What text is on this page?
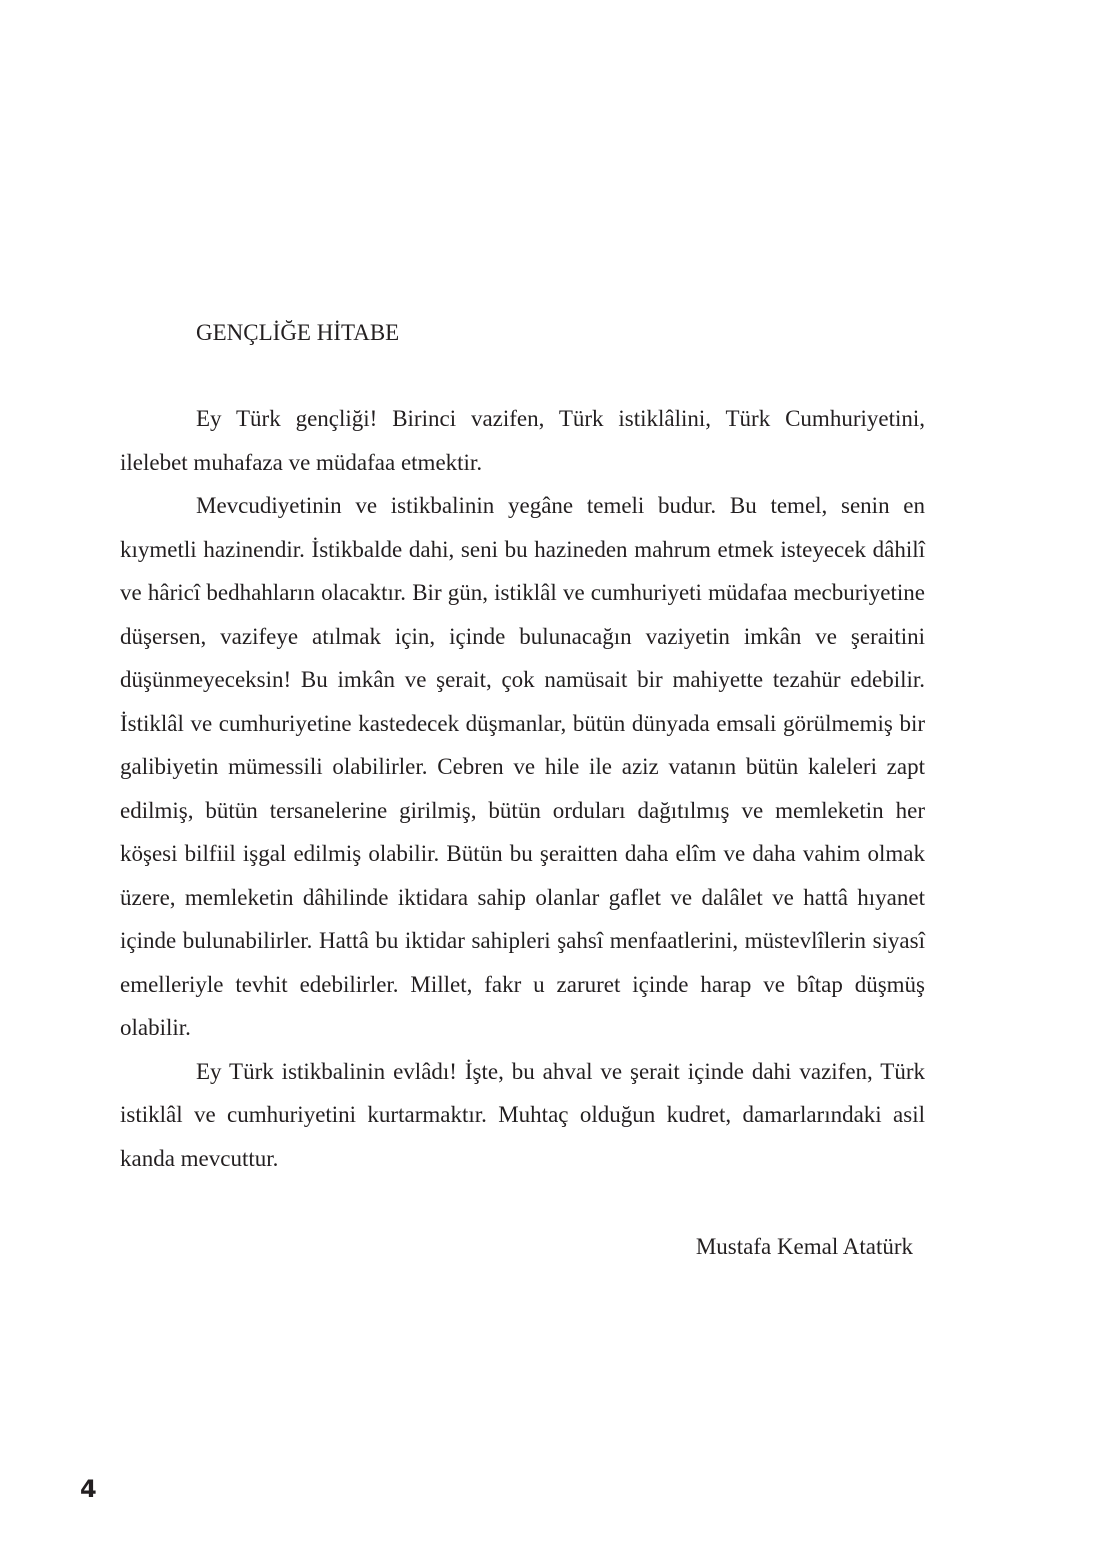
GENÇLİĞE HİTABE

Ey Türk gençliği! Birinci vazifen, Türk istiklâlini, Türk Cumhuriyetini, ilelebet muhafaza ve müdafaa etmektir.

Mevcudiyetinin ve istikbalinin yegâne temeli budur. Bu temel, senin en kıymetli hazinendir. İstikbalde dahi, seni bu hazineden mahrum etmek isteyecek dâhilî ve hâricî bedhahların olacaktır. Bir gün, istiklâl ve cumhuriyeti müdafaa mecburiyetine düşersen, vazifeye atılmak için, içinde bulunacağın vaziyetin imkân ve şeraitini düşünmeyeceksin! Bu imkân ve şerait, çok namüsait bir mahiyette tezahür edebilir. İstiklâl ve cumhuriyetine kastedecek düşmanlar, bütün dünyada emsali görülmemiş bir galibiyetin mümessili olabilirler. Cebren ve hile ile aziz vatanın bütün kaleleri zapt edilmiş, bütün tersanelerine girilmiş, bütün orduları dağıtılmış ve memleketin her köşesi bilfiil işgal edilmiş olabilir. Bütün bu şeraitten daha elîm ve daha vahim olmak üzere, memleketin dâhilinde iktidara sahip olanlar gaflet ve dalâlet ve hattâ hıyanet içinde bulunabilirler. Hattâ bu iktidar sahipleri şahsî menfaatlerini, müstevlîlerin siyasî emelleriyle tevhit edebilirler. Millet, fakr u zaruret içinde harap ve bîtap düşmüş olabilir.

Ey Türk istikbalinin evlâdı! İşte, bu ahval ve şerait içinde dahi vazifen, Türk istiklâl ve cumhuriyetini kurtarmaktır. Muhtaç olduğun kudret, damarlarındaki asil kanda mevcuttur.

Mustafa Kemal Atatürk
4
